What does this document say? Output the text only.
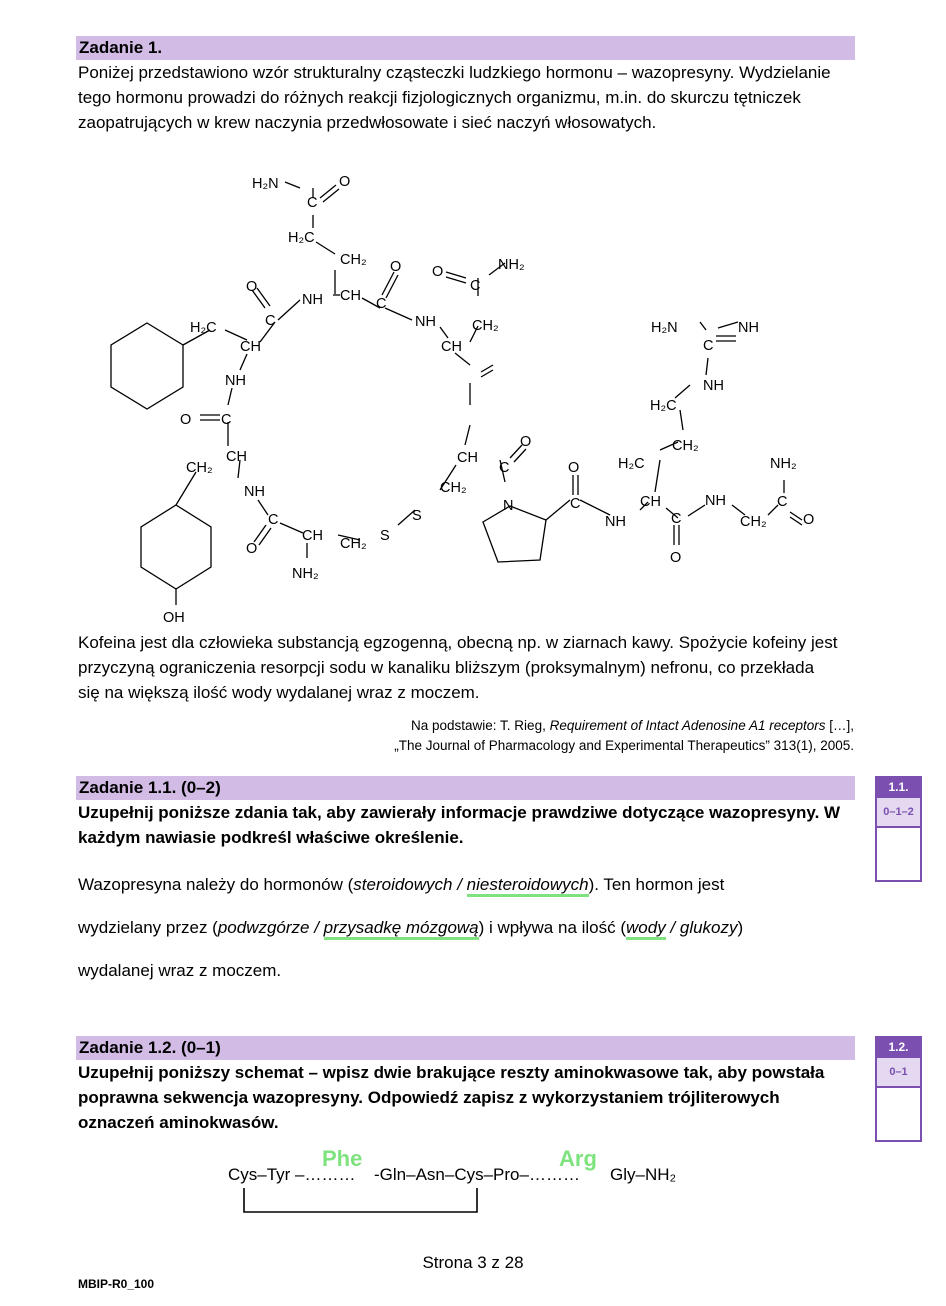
Zadanie 1.
Poniżej przedstawiono wzór strukturalny cząsteczki ludzkiego hormonu – wazopresyny. Wydzielanie tego hormonu prowadzi do różnych reakcji fizjologicznych organizmu, m.in. do skurczu tętniczek zaopatrujących w krew naczynia przedwłosowate i sieć naczyń włosowatych.
H₂N
C
O
H₂C
CH₂
NH CH C
O O
C
NH₂
H₂C
CH
O
C
NH
CH
CH₂
NH
O C
CH₂
CH
NH
C
O
CH CH₂ S
S
NH₂
CH₂
CH
C
O
N	C
O
NH
CH
C
O
NH
CH₂
C
O
NH₂
H₂C
CH₂
H₂C
NH
C
H₂N	NH
OH
Kofeina jest dla człowieka substancją egzogenną, obecną np. w ziarnach kawy. Spożycie kofeiny jest przyczyną ograniczenia resorpcji sodu w kanaliku bliższym (proksymalnym) nefronu, co przekłada się na większą ilość wody wydalanej wraz z moczem.
Na podstawie: T. Rieg, Requirement of Intact Adenosine A1 receptors […],
„The Journal of Pharmacology and Experimental Therapeutics” 313(1), 2005.
Zadanie 1.1. (0–2)	1.1.
0–1–2
Uzupełnij poniższe zdania tak, aby zawierały informacje prawdziwe dotyczące wazopresyny. W każdym nawiasie podkreśl właściwe określenie.
Wazopresyna należy do hormonów (steroidowych / niesteroidowych). Ten hormon jest
wydzielany przez (podwzgórze / przysadkę mózgową) i wpływa na ilość (wody / glukozy)
wydalanej wraz z moczem.
Zadanie 1.2. (0–1)	1.2.
0–1
Uzupełnij poniższy schemat – wpisz dwie brakujące reszty aminokwasowe tak, aby powstała poprawna sekwencja wazopresyny. Odpowiedź zapisz z wykorzystaniem trójliterowych oznaczeń aminokwasów.
Phe	Arg
Cys–Tyr –……… -Gln–Asn–Cys–Pro–……… Gly–NH₂
Strona 3 z 28
MBIP-R0_100
